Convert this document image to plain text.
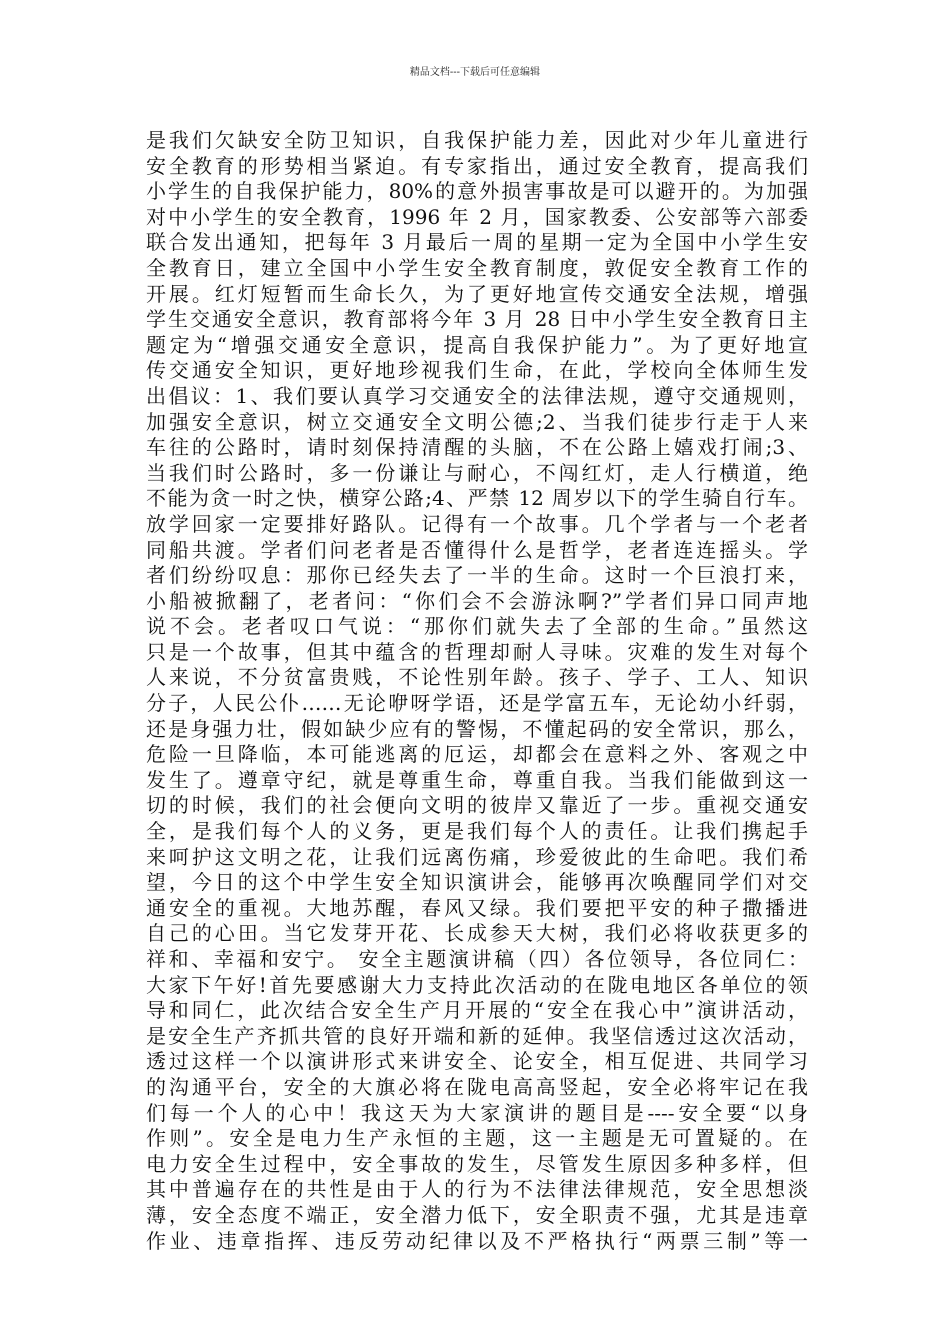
精品文档---下载后可任意编辑
是我们欠缺安全防卫知识，自我保护能力差，因此对少年儿童进行
安全教育的形势相当紧迫。有专家指出，通过安全教育，提高我们
小学生的自我保护能力，80%的意外损害事故是可以避开的。为加强
对中小学生的安全教育，1996 年 2 月，国家教委、公安部等六部委
联合发出通知，把每年 3 月最后一周的星期一定为全国中小学生安
全教育日，建立全国中小学生安全教育制度，敦促安全教育工作的
开展。红灯短暂而生命长久，为了更好地宣传交通安全法规，增强
学生交通安全意识，教育部将今年 3 月 28 日中小学生安全教育日主
题定为“增强交通安全意识，提高自我保护能力”。为了更好地宣
传交通安全知识，更好地珍视我们生命，在此，学校向全体师生发
出倡议：1、我们要认真学习交通安全的法律法规，遵守交通规则，
加强安全意识，树立交通安全文明公德;2、当我们徒步行走于人来
车往的公路时，请时刻保持清醒的头脑，不在公路上嬉戏打闹;3、
当我们时公路时，多一份谦让与耐心，不闯红灯，走人行横道，绝
不能为贪一时之快，横穿公路;4、严禁 12 周岁以下的学生骑自行车。
放学回家一定要排好路队。记得有一个故事。几个学者与一个老者
同船共渡。学者们问老者是否懂得什么是哲学，老者连连摇头。学
者们纷纷叹息：那你已经失去了一半的生命。这时一个巨浪打来，
小船被掀翻了，老者问：“你们会不会游泳啊?”学者们异口同声地
说不会。老者叹口气说：“那你们就失去了全部的生命。”虽然这
只是一个故事，但其中蕴含的哲理却耐人寻味。灾难的发生对每个
人来说，不分贫富贵贱，不论性别年龄。孩子、学子、工人、知识
分子，人民公仆……无论咿呀学语，还是学富五车，无论幼小纤弱，
还是身强力壮，假如缺少应有的警惕，不懂起码的安全常识，那么，
危险一旦降临，本可能逃离的厄运，却都会在意料之外、客观之中
发生了。遵章守纪，就是尊重生命，尊重自我。当我们能做到这一
切的时候，我们的社会便向文明的彼岸又靠近了一步。重视交通安
全，是我们每个人的义务，更是我们每个人的责任。让我们携起手
来呵护这文明之花，让我们远离伤痛，珍爱彼此的生命吧。我们希
望，今日的这个中学生安全知识演讲会，能够再次唤醒同学们对交
通安全的重视。大地苏醒，春风又绿。我们要把平安的种子撒播进
自己的心田。当它发芽开花、长成参天大树，我们必将收获更多的
祥和、幸福和安宁。 安全主题演讲稿（四）各位领导，各位同仁：
大家下午好!首先要感谢大力支持此次活动的在陇电地区各单位的领
导和同仁，此次结合安全生产月开展的“安全在我心中”演讲活动，
是安全生产齐抓共管的良好开端和新的延伸。我坚信透过这次活动，
透过这样一个以演讲形式来讲安全、论安全，相互促进、共同学习
的沟通平台，安全的大旗必将在陇电高高竖起，安全必将牢记在我
们每一个人的心中！我这天为大家演讲的题目是----安全要“以身
作则”。安全是电力生产永恒的主题，这一主题是无可置疑的。在
电力安全生过程中，安全事故的发生，尽管发生原因多种多样，但
其中普遍存在的共性是由于人的行为不法律法律规范，安全思想淡
薄，安全态度不端正，安全潜力低下，安全职责不强，尤其是违章
作业、违章指挥、违反劳动纪律以及不严格执行“两票三制”等一
